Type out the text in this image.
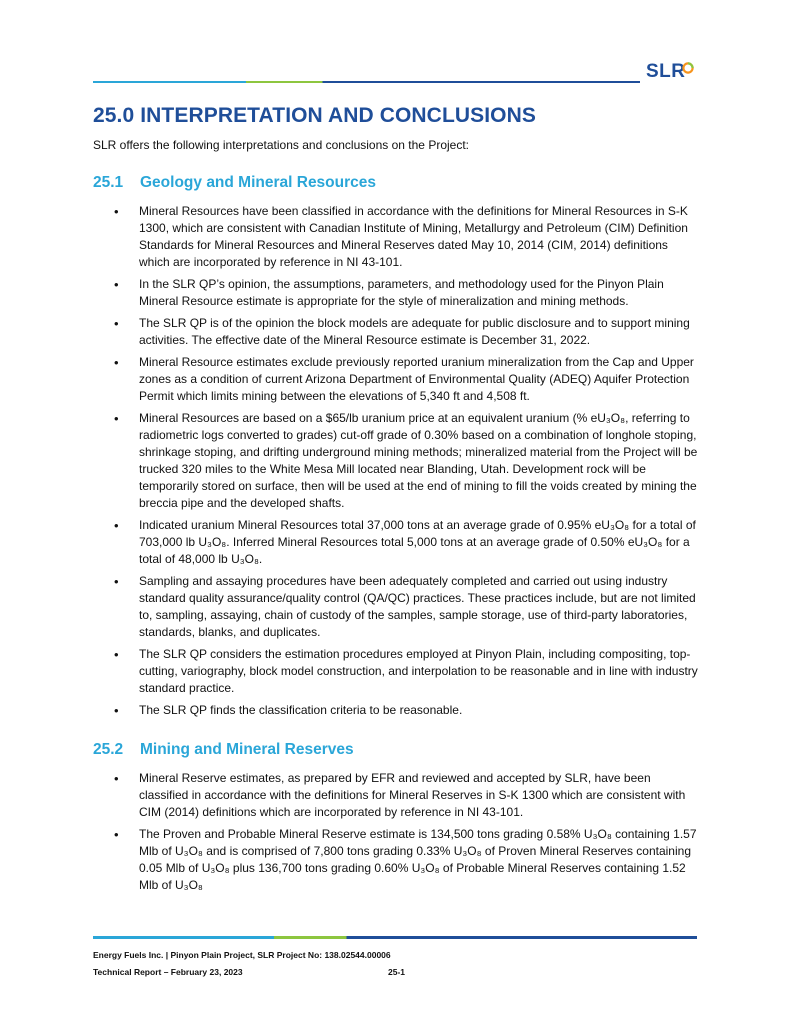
SLR
25.0 INTERPRETATION AND CONCLUSIONS

SLR offers the following interpretations and conclusions on the Project:

25.1 Geology and Mineral Resources
• Mineral Resources have been classified in accordance with the definitions for Mineral Resources in S-K 1300, which are consistent with Canadian Institute of Mining, Metallurgy and Petroleum (CIM) Definition Standards for Mineral Resources and Mineral Reserves dated May 10, 2014 (CIM, 2014) definitions which are incorporated by reference in NI 43-101.
• In the SLR QP’s opinion, the assumptions, parameters, and methodology used for the Pinyon Plain Mineral Resource estimate is appropriate for the style of mineralization and mining methods.
• The SLR QP is of the opinion the block models are adequate for public disclosure and to support mining activities. The effective date of the Mineral Resource estimate is December 31, 2022.
• Mineral Resource estimates exclude previously reported uranium mineralization from the Cap and Upper zones as a condition of current Arizona Department of Environmental Quality (ADEQ) Aquifer Protection Permit which limits mining between the elevations of 5,340 ft and 4,508 ft.
• Mineral Resources are based on a $65/lb uranium price at an equivalent uranium (% eU₃O₈, referring to radiometric logs converted to grades) cut-off grade of 0.30% based on a combination of longhole stoping, shrinkage stoping, and drifting underground mining methods; mineralized material from the Project will be trucked 320 miles to the White Mesa Mill located near Blanding, Utah. Development rock will be temporarily stored on surface, then will be used at the end of mining to fill the voids created by mining the breccia pipe and the developed shafts.
• Indicated uranium Mineral Resources total 37,000 tons at an average grade of 0.95% eU₃O₈ for a total of 703,000 lb U₃O₈. Inferred Mineral Resources total 5,000 tons at an average grade of 0.50% eU₃O₈ for a total of 48,000 lb U₃O₈.
• Sampling and assaying procedures have been adequately completed and carried out using industry standard quality assurance/quality control (QA/QC) practices. These practices include, but are not limited to, sampling, assaying, chain of custody of the samples, sample storage, use of third-party laboratories, standards, blanks, and duplicates.
• The SLR QP considers the estimation procedures employed at Pinyon Plain, including compositing, top-cutting, variography, block model construction, and interpolation to be reasonable and in line with industry standard practice.
• The SLR QP finds the classification criteria to be reasonable.
25.2 Mining and Mineral Reserves
• Mineral Reserve estimates, as prepared by EFR and reviewed and accepted by SLR, have been classified in accordance with the definitions for Mineral Reserves in S-K 1300 which are consistent with CIM (2014) definitions which are incorporated by reference in NI 43-101.
• The Proven and Probable Mineral Reserve estimate is 134,500 tons grading 0.58% U₃O₈ containing 1.57 Mlb of U₃O₈ and is comprised of 7,800 tons grading 0.33% U₃O₈ of Proven Mineral Reserves containing 0.05 Mlb of U₃O₈ plus 136,700 tons grading 0.60% U₃O₈ of Probable Mineral Reserves containing 1.52 Mlb of U₃O₈
Energy Fuels Inc. | Pinyon Plain Project, SLR Project No: 138.02544.00006
Technical Report – February 23, 2023	25-1
